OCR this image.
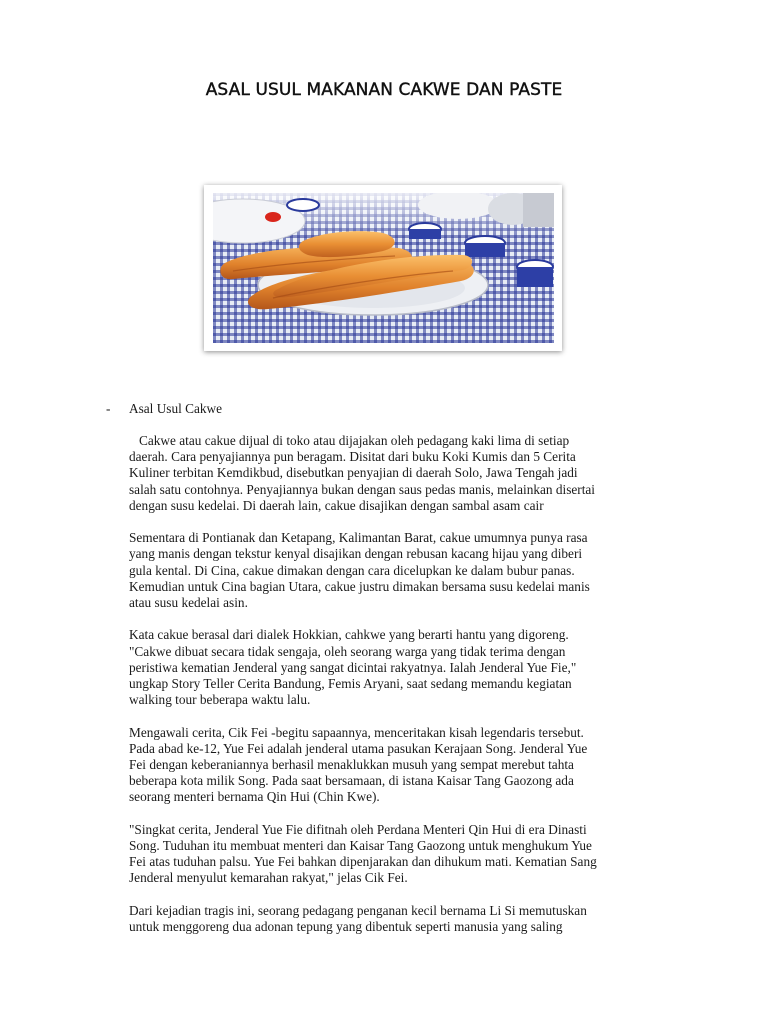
ASAL USUL MAKANAN CAKWE DAN PASTE
- Asal Usul Cakwe

Cakwe atau cakue dijual di toko atau dijajakan oleh pedagang kaki lima di setiap
daerah. Cara penyajiannya pun beragam. Disitat dari buku Koki Kumis dan 5 Cerita
Kuliner terbitan Kemdikbud, disebutkan penyajian di daerah Solo, Jawa Tengah jadi
salah satu contohnya. Penyajiannya bukan dengan saus pedas manis, melainkan disertai
dengan susu kedelai. Di daerah lain, cakue disajikan dengan sambal asam cair

Sementara di Pontianak dan Ketapang, Kalimantan Barat, cakue umumnya punya rasa
yang manis dengan tekstur kenyal disajikan dengan rebusan kacang hijau yang diberi
gula kental. Di Cina, cakue dimakan dengan cara dicelupkan ke dalam bubur panas.
Kemudian untuk Cina bagian Utara, cakue justru dimakan bersama susu kedelai manis
atau susu kedelai asin.

Kata cakue berasal dari dialek Hokkian, cahkwe yang berarti hantu yang digoreng.
"Cakwe dibuat secara tidak sengaja, oleh seorang warga yang tidak terima dengan
peristiwa kematian Jenderal yang sangat dicintai rakyatnya. Ialah Jenderal Yue Fie,"
ungkap Story Teller Cerita Bandung, Femis Aryani, saat sedang memandu kegiatan
walking tour beberapa waktu lalu.

Mengawali cerita, Cik Fei -begitu sapaannya, menceritakan kisah legendaris tersebut.
Pada abad ke-12, Yue Fei adalah jenderal utama pasukan Kerajaan Song. Jenderal Yue
Fei dengan keberaniannya berhasil menaklukkan musuh yang sempat merebut tahta
beberapa kota milik Song. Pada saat bersamaan, di istana Kaisar Tang Gaozong ada
seorang menteri bernama Qin Hui (Chin Kwe).

"Singkat cerita, Jenderal Yue Fie difitnah oleh Perdana Menteri Qin Hui di era Dinasti
Song. Tuduhan itu membuat menteri dan Kaisar Tang Gaozong untuk menghukum Yue
Fei atas tuduhan palsu. Yue Fei bahkan dipenjarakan dan dihukum mati. Kematian Sang
Jenderal menyulut kemarahan rakyat," jelas Cik Fei.

Dari kejadian tragis ini, seorang pedagang penganan kecil bernama Li Si memutuskan
untuk menggoreng dua adonan tepung yang dibentuk seperti manusia yang saling
